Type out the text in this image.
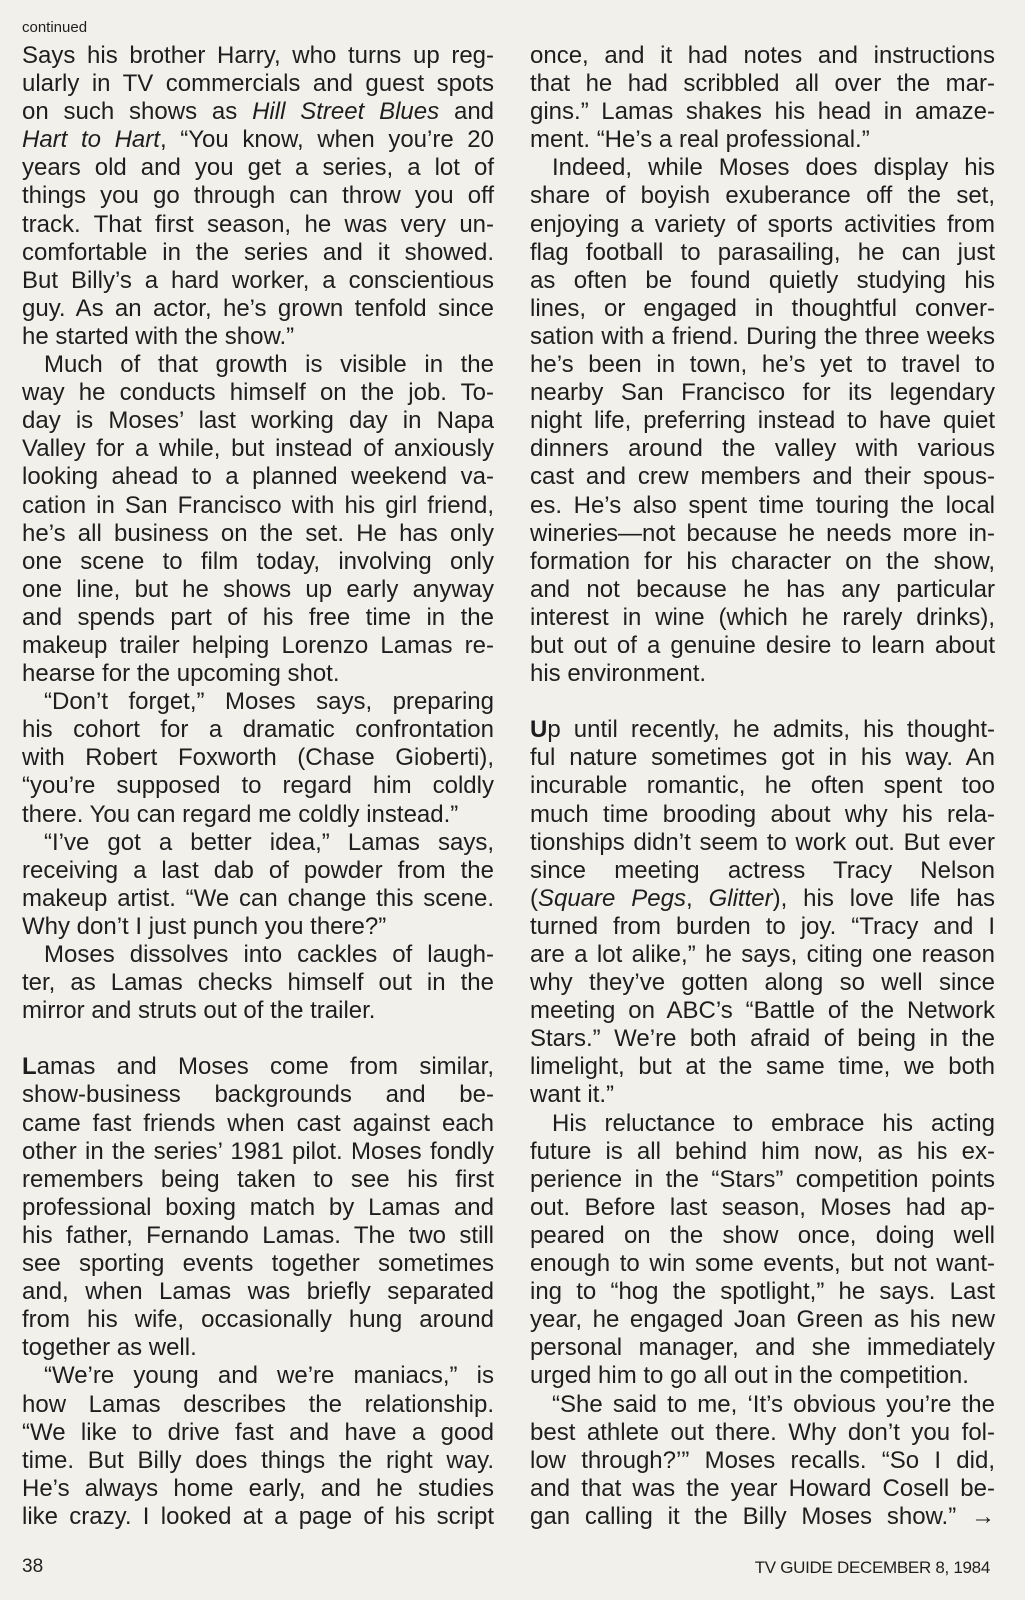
continued
Says his brother Harry, who turns up reg-
ularly in TV commercials and guest spots
on such shows as Hill Street Blues and
Hart to Hart, “You know, when you’re 20
years old and you get a series, a lot of
things you go through can throw you off
track. That first season, he was very un-
comfortable in the series and it showed.
But Billy’s a hard worker, a conscientious
guy. As an actor, he’s grown tenfold since
he started with the show.”
Much of that growth is visible in the
way he conducts himself on the job. To-
day is Moses’ last working day in Napa
Valley for a while, but instead of anxiously
looking ahead to a planned weekend va-
cation in San Francisco with his girl friend,
he’s all business on the set. He has only
one scene to film today, involving only
one line, but he shows up early anyway
and spends part of his free time in the
makeup trailer helping Lorenzo Lamas re-
hearse for the upcoming shot.
“Don’t forget,” Moses says, preparing
his cohort for a dramatic confrontation
with Robert Foxworth (Chase Gioberti),
“you’re supposed to regard him coldly
there. You can regard me coldly instead.”
“I’ve got a better idea,” Lamas says,
receiving a last dab of powder from the
makeup artist. “We can change this scene.
Why don’t I just punch you there?”
Moses dissolves into cackles of laugh-
ter, as Lamas checks himself out in the
mirror and struts out of the trailer.
Lamas and Moses come from similar,
show-business backgrounds and be-
came fast friends when cast against each
other in the series’ 1981 pilot. Moses fondly
remembers being taken to see his first
professional boxing match by Lamas and
his father, Fernando Lamas. The two still
see sporting events together sometimes
and, when Lamas was briefly separated
from his wife, occasionally hung around
together as well.
“We’re young and we’re maniacs,” is
how Lamas describes the relationship.
“We like to drive fast and have a good
time. But Billy does things the right way.
He’s always home early, and he studies
like crazy. I looked at a page of his script
once, and it had notes and instructions
that he had scribbled all over the mar-
gins.” Lamas shakes his head in amaze-
ment. “He’s a real professional.”
Indeed, while Moses does display his
share of boyish exuberance off the set,
enjoying a variety of sports activities from
flag football to parasailing, he can just
as often be found quietly studying his
lines, or engaged in thoughtful conver-
sation with a friend. During the three weeks
he’s been in town, he’s yet to travel to
nearby San Francisco for its legendary
night life, preferring instead to have quiet
dinners around the valley with various
cast and crew members and their spous-
es. He’s also spent time touring the local
wineries—not because he needs more in-
formation for his character on the show,
and not because he has any particular
interest in wine (which he rarely drinks),
but out of a genuine desire to learn about
his environment.
Up until recently, he admits, his thought-
ful nature sometimes got in his way. An
incurable romantic, he often spent too
much time brooding about why his rela-
tionships didn’t seem to work out. But ever
since meeting actress Tracy Nelson
(Square Pegs, Glitter), his love life has
turned from burden to joy. “Tracy and I
are a lot alike,” he says, citing one reason
why they’ve gotten along so well since
meeting on ABC’s “Battle of the Network
Stars.” We’re both afraid of being in the
limelight, but at the same time, we both
want it.”
His reluctance to embrace his acting
future is all behind him now, as his ex-
perience in the “Stars” competition points
out. Before last season, Moses had ap-
peared on the show once, doing well
enough to win some events, but not want-
ing to “hog the spotlight,” he says. Last
year, he engaged Joan Green as his new
personal manager, and she immediately
urged him to go all out in the competition.
“She said to me, ‘It’s obvious you’re the
best athlete out there. Why don’t you fol-
low through?’” Moses recalls. “So I did,
and that was the year Howard Cosell be-
gan calling it the Billy Moses show.” →
38	TV GUIDE DECEMBER 8, 1984
